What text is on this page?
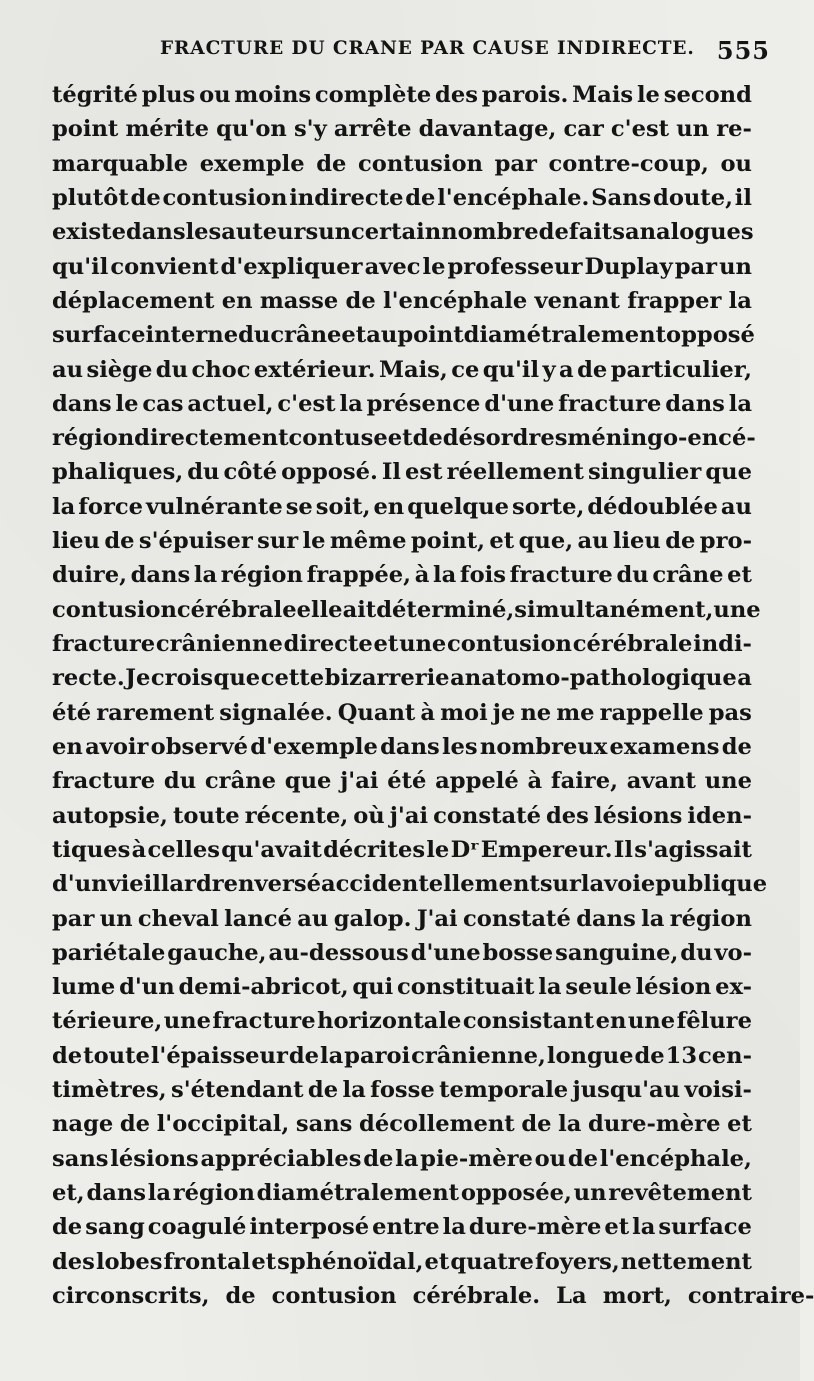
FRACTURE DU CRANE PAR CAUSE INDIRECTE. 555
tégrité plus ou moins complète des parois. Mais le second
point mérite qu'on s'y arrête davantage, car c'est un re-
marquable exemple de contusion par contre-coup, ou
plutôt de contusion indirecte de l'encéphale. Sans doute, il
existe dans les auteurs un certain nombre de faits analogues
qu'il convient d'expliquer avec le professeur Duplay par un
déplacement en masse de l'encéphale venant frapper la
surface interne du crâne et au point diamétralement opposé
au siège du choc extérieur. Mais, ce qu'il y a de particulier,
dans le cas actuel, c'est la présence d'une fracture dans la
région directement contuse et de désordres méningo-encé-
phaliques, du côté opposé. Il est réellement singulier que
la force vulnérante se soit, en quelque sorte, dédoublée au
lieu de s'épuiser sur le même point, et que, au lieu de pro-
duire, dans la région frappée, à la fois fracture du crâne et
contusion cérébrale elle ait déterminé, simultanément, une
fracture crânienne directe et une contusion cérébrale indi-
recte. Je crois que cette bizarrerie anatomo-pathologique a
été rarement signalée. Quant à moi je ne me rappelle pas
en avoir observé d'exemple dans les nombreux examens de
fracture du crâne que j'ai été appelé à faire, avant une
autopsie, toute récente, où j'ai constaté des lésions iden-
tiques à celles qu'avait décrites le Dʳ Empereur. Il s'agissait
d'un vieillard renversé accidentellement sur la voie publique
par un cheval lancé au galop. J'ai constaté dans la région
pariétale gauche, au-dessous d'une bosse sanguine, du vo-
lume d'un demi-abricot, qui constituait la seule lésion ex-
térieure, une fracture horizontale consistant en une fêlure
de toute l'épaisseur de la paroi crânienne, longue de 13 cen-
timètres, s'étendant de la fosse temporale jusqu'au voisi-
nage de l'occipital, sans décollement de la dure-mère et
sans lésions appréciables de la pie-mère ou de l'encéphale,
et, dans la région diamétralement opposée, un revêtement
de sang coagulé interposé entre la dure-mère et la surface
des lobes frontal et sphénoïdal, et quatre foyers, nettement
circonscrits, de contusion cérébrale. La mort, contraire-
